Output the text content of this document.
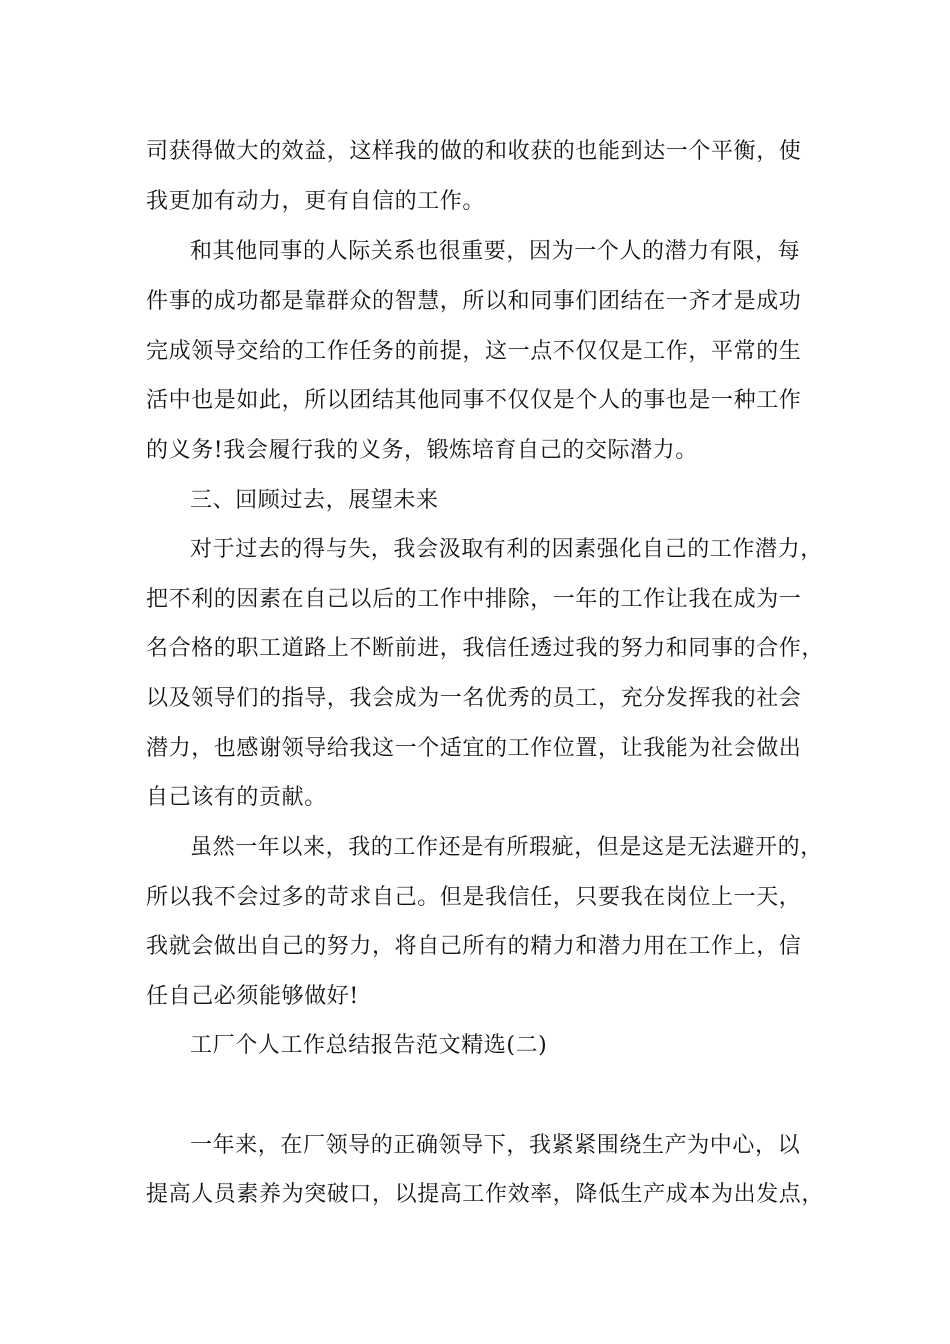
司获得做大的效益，这样我的做的和收获的也能到达一个平衡，使
我更加有动力，更有自信的工作。
和其他同事的人际关系也很重要，因为一个人的潜力有限，每
件事的成功都是靠群众的智慧，所以和同事们团结在一齐才是成功
完成领导交给的工作任务的前提，这一点不仅仅是工作，平常的生
活中也是如此，所以团结其他同事不仅仅是个人的事也是一种工作
的义务!我会履行我的义务，锻炼培育自己的交际潜力。
三、回顾过去，展望未来
对于过去的得与失，我会汲取有利的因素强化自己的工作潜力，
把不利的因素在自己以后的工作中排除，一年的工作让我在成为一
名合格的职工道路上不断前进，我信任透过我的努力和同事的合作，
以及领导们的指导，我会成为一名优秀的员工，充分发挥我的社会
潜力，也感谢领导给我这一个适宜的工作位置，让我能为社会做出
自己该有的贡献。
虽然一年以来，我的工作还是有所瑕疵，但是这是无法避开的，
所以我不会过多的苛求自己。但是我信任，只要我在岗位上一天，
我就会做出自己的努力，将自己所有的精力和潜力用在工作上，信
任自己必须能够做好!
工厂个人工作总结报告范文精选(二)
一年来，在厂领导的正确领导下，我紧紧围绕生产为中心，以
提高人员素养为突破口，以提高工作效率，降低生产成本为出发点，
